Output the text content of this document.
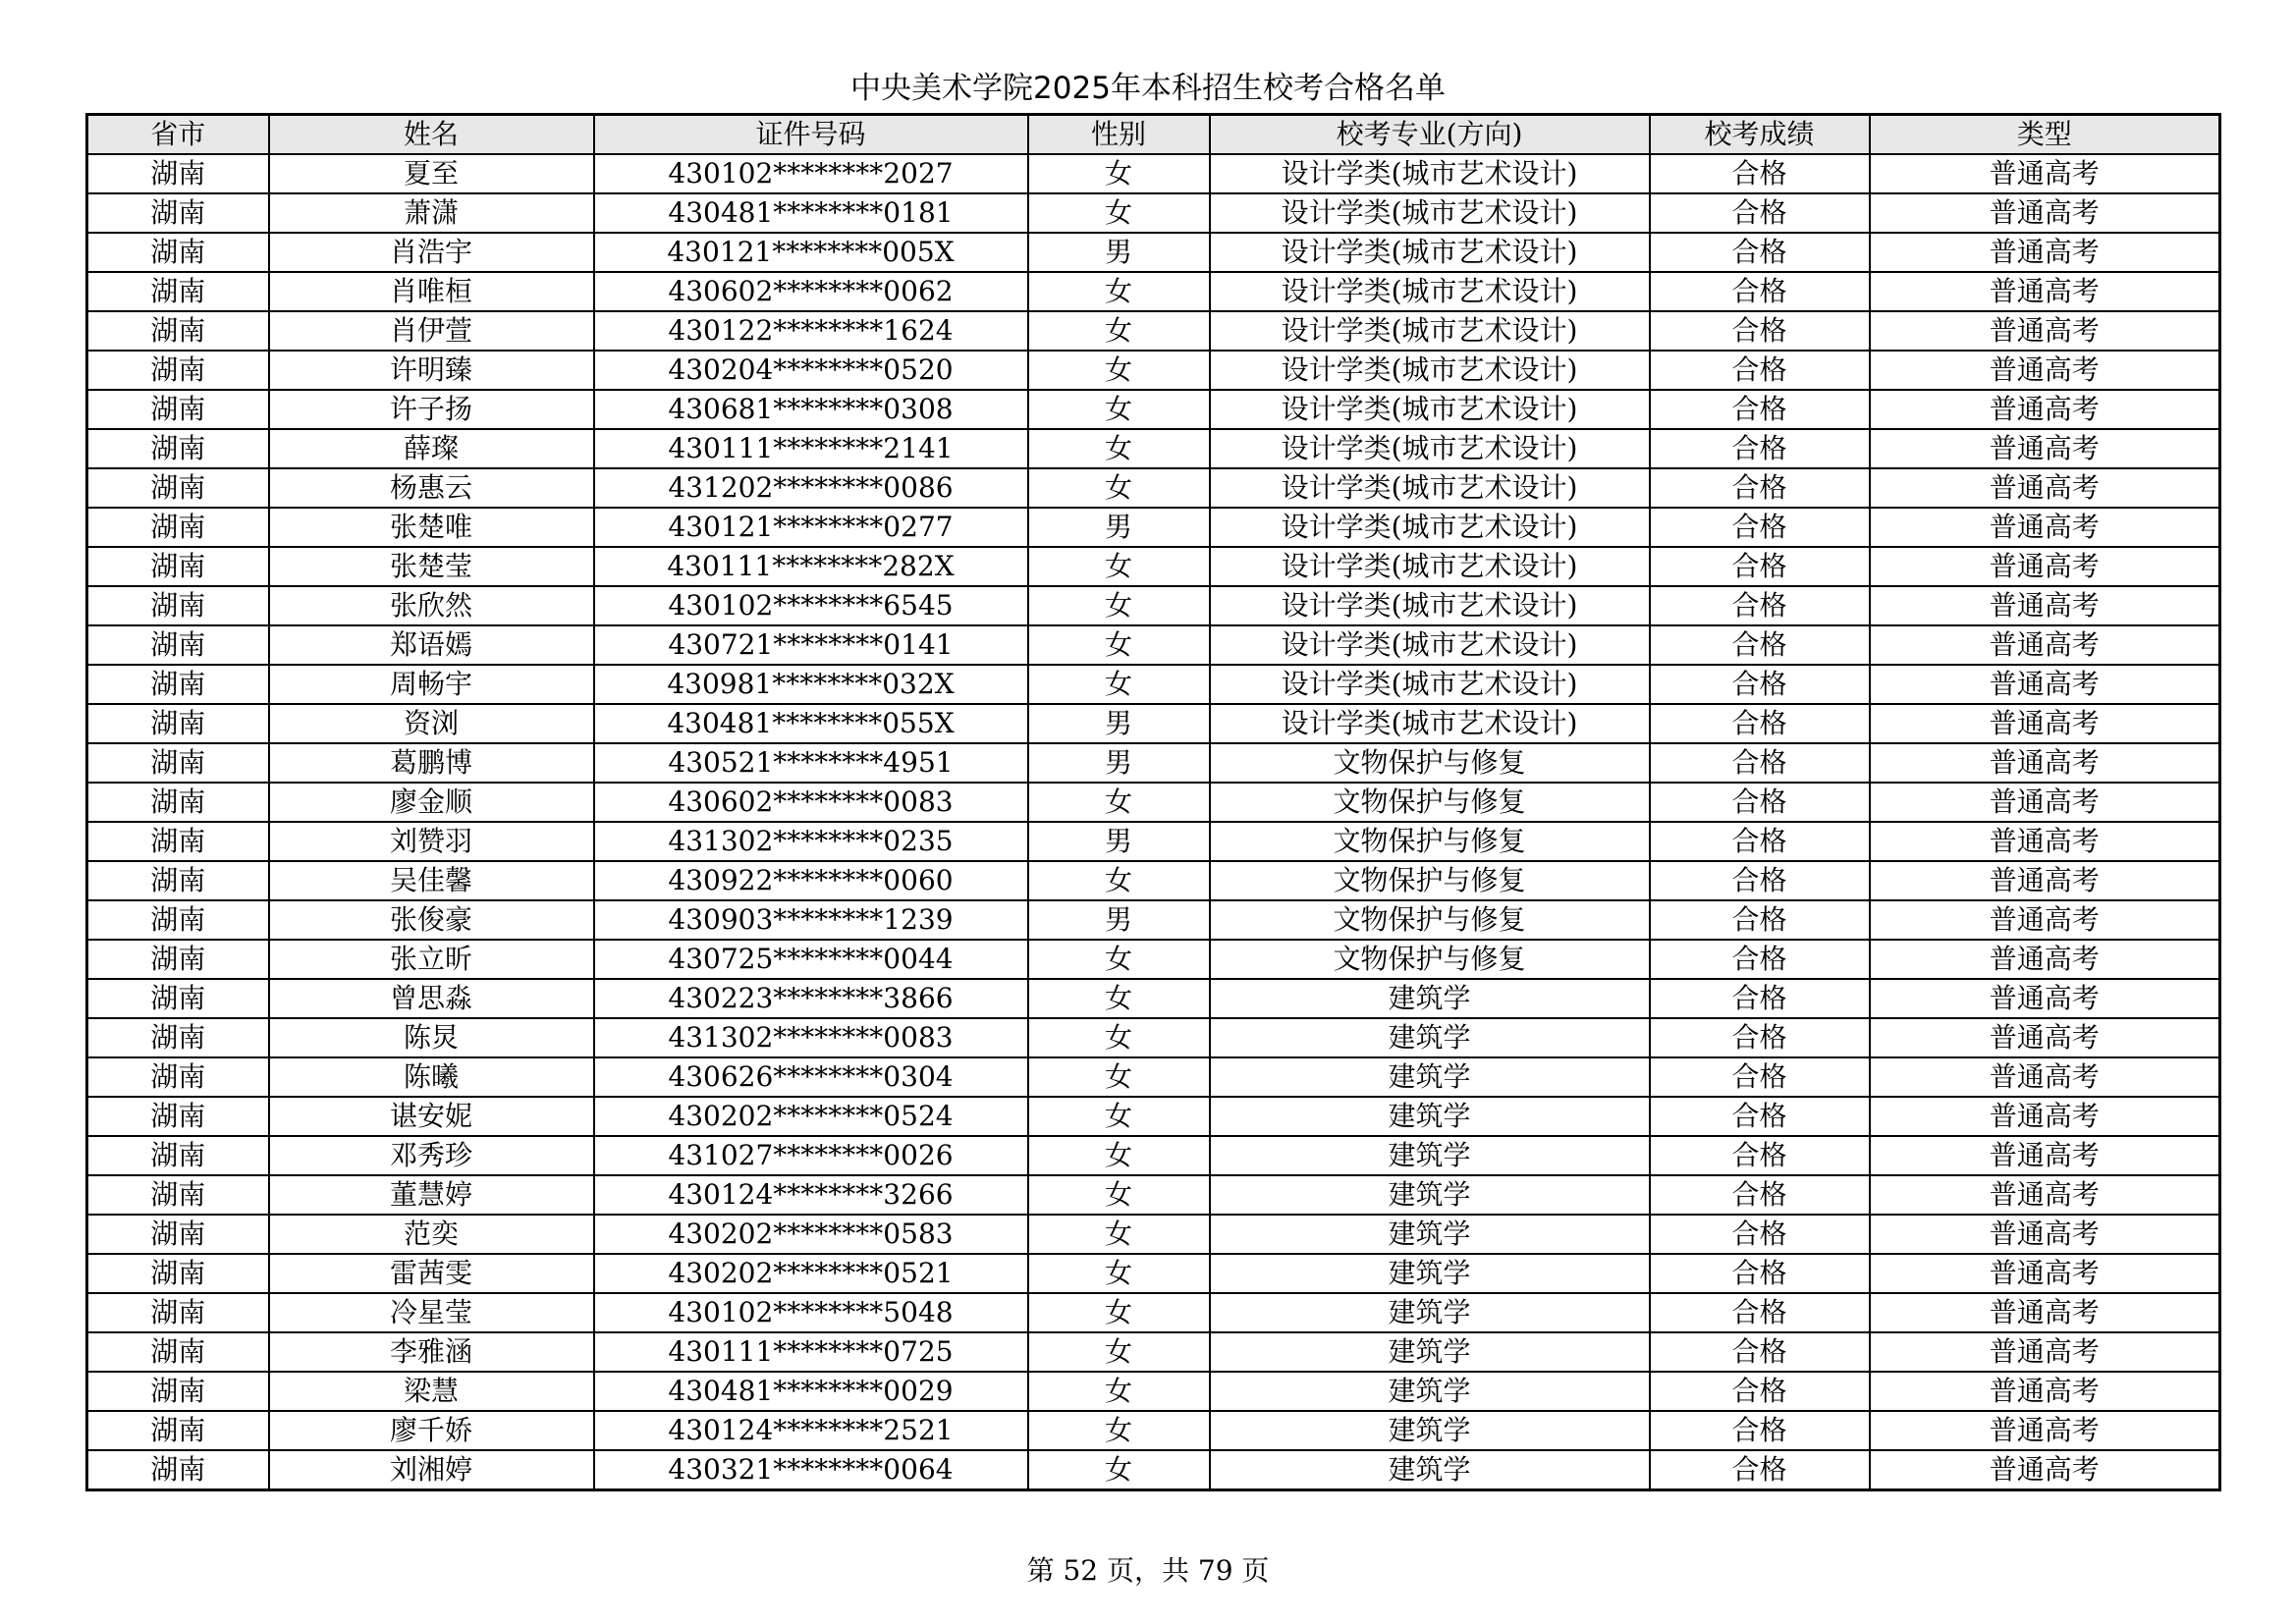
中央美术学院2025年本科招生校考合格名单
省市	姓名	证件号码	性别	校考专业(方向)	校考成绩	类型
湖南	夏至	430102********2027	女	设计学类(城市艺术设计)	合格	普通高考
湖南	萧潇	430481********0181	女	设计学类(城市艺术设计)	合格	普通高考
湖南	肖浩宇	430121********005X	男	设计学类(城市艺术设计)	合格	普通高考
湖南	肖唯桓	430602********0062	女	设计学类(城市艺术设计)	合格	普通高考
湖南	肖伊萱	430122********1624	女	设计学类(城市艺术设计)	合格	普通高考
湖南	许明臻	430204********0520	女	设计学类(城市艺术设计)	合格	普通高考
湖南	许子扬	430681********0308	女	设计学类(城市艺术设计)	合格	普通高考
湖南	薛璨	430111********2141	女	设计学类(城市艺术设计)	合格	普通高考
湖南	杨惠云	431202********0086	女	设计学类(城市艺术设计)	合格	普通高考
湖南	张楚唯	430121********0277	男	设计学类(城市艺术设计)	合格	普通高考
湖南	张楚莹	430111********282X	女	设计学类(城市艺术设计)	合格	普通高考
湖南	张欣然	430102********6545	女	设计学类(城市艺术设计)	合格	普通高考
湖南	郑语嫣	430721********0141	女	设计学类(城市艺术设计)	合格	普通高考
湖南	周畅宇	430981********032X	女	设计学类(城市艺术设计)	合格	普通高考
湖南	资浏	430481********055X	男	设计学类(城市艺术设计)	合格	普通高考
湖南	葛鹏博	430521********4951	男	文物保护与修复	合格	普通高考
湖南	廖金顺	430602********0083	女	文物保护与修复	合格	普通高考
湖南	刘赞羽	431302********0235	男	文物保护与修复	合格	普通高考
湖南	吴佳馨	430922********0060	女	文物保护与修复	合格	普通高考
湖南	张俊豪	430903********1239	男	文物保护与修复	合格	普通高考
湖南	张立昕	430725********0044	女	文物保护与修复	合格	普通高考
湖南	曾思淼	430223********3866	女	建筑学	合格	普通高考
湖南	陈炅	431302********0083	女	建筑学	合格	普通高考
湖南	陈曦	430626********0304	女	建筑学	合格	普通高考
湖南	谌安妮	430202********0524	女	建筑学	合格	普通高考
湖南	邓秀珍	431027********0026	女	建筑学	合格	普通高考
湖南	董慧婷	430124********3266	女	建筑学	合格	普通高考
湖南	范奕	430202********0583	女	建筑学	合格	普通高考
湖南	雷茜雯	430202********0521	女	建筑学	合格	普通高考
湖南	冷星莹	430102********5048	女	建筑学	合格	普通高考
湖南	李雅涵	430111********0725	女	建筑学	合格	普通高考
湖南	梁慧	430481********0029	女	建筑学	合格	普通高考
湖南	廖千娇	430124********2521	女	建筑学	合格	普通高考
湖南	刘湘婷	430321********0064	女	建筑学	合格	普通高考
第 52 页，共 79 页
